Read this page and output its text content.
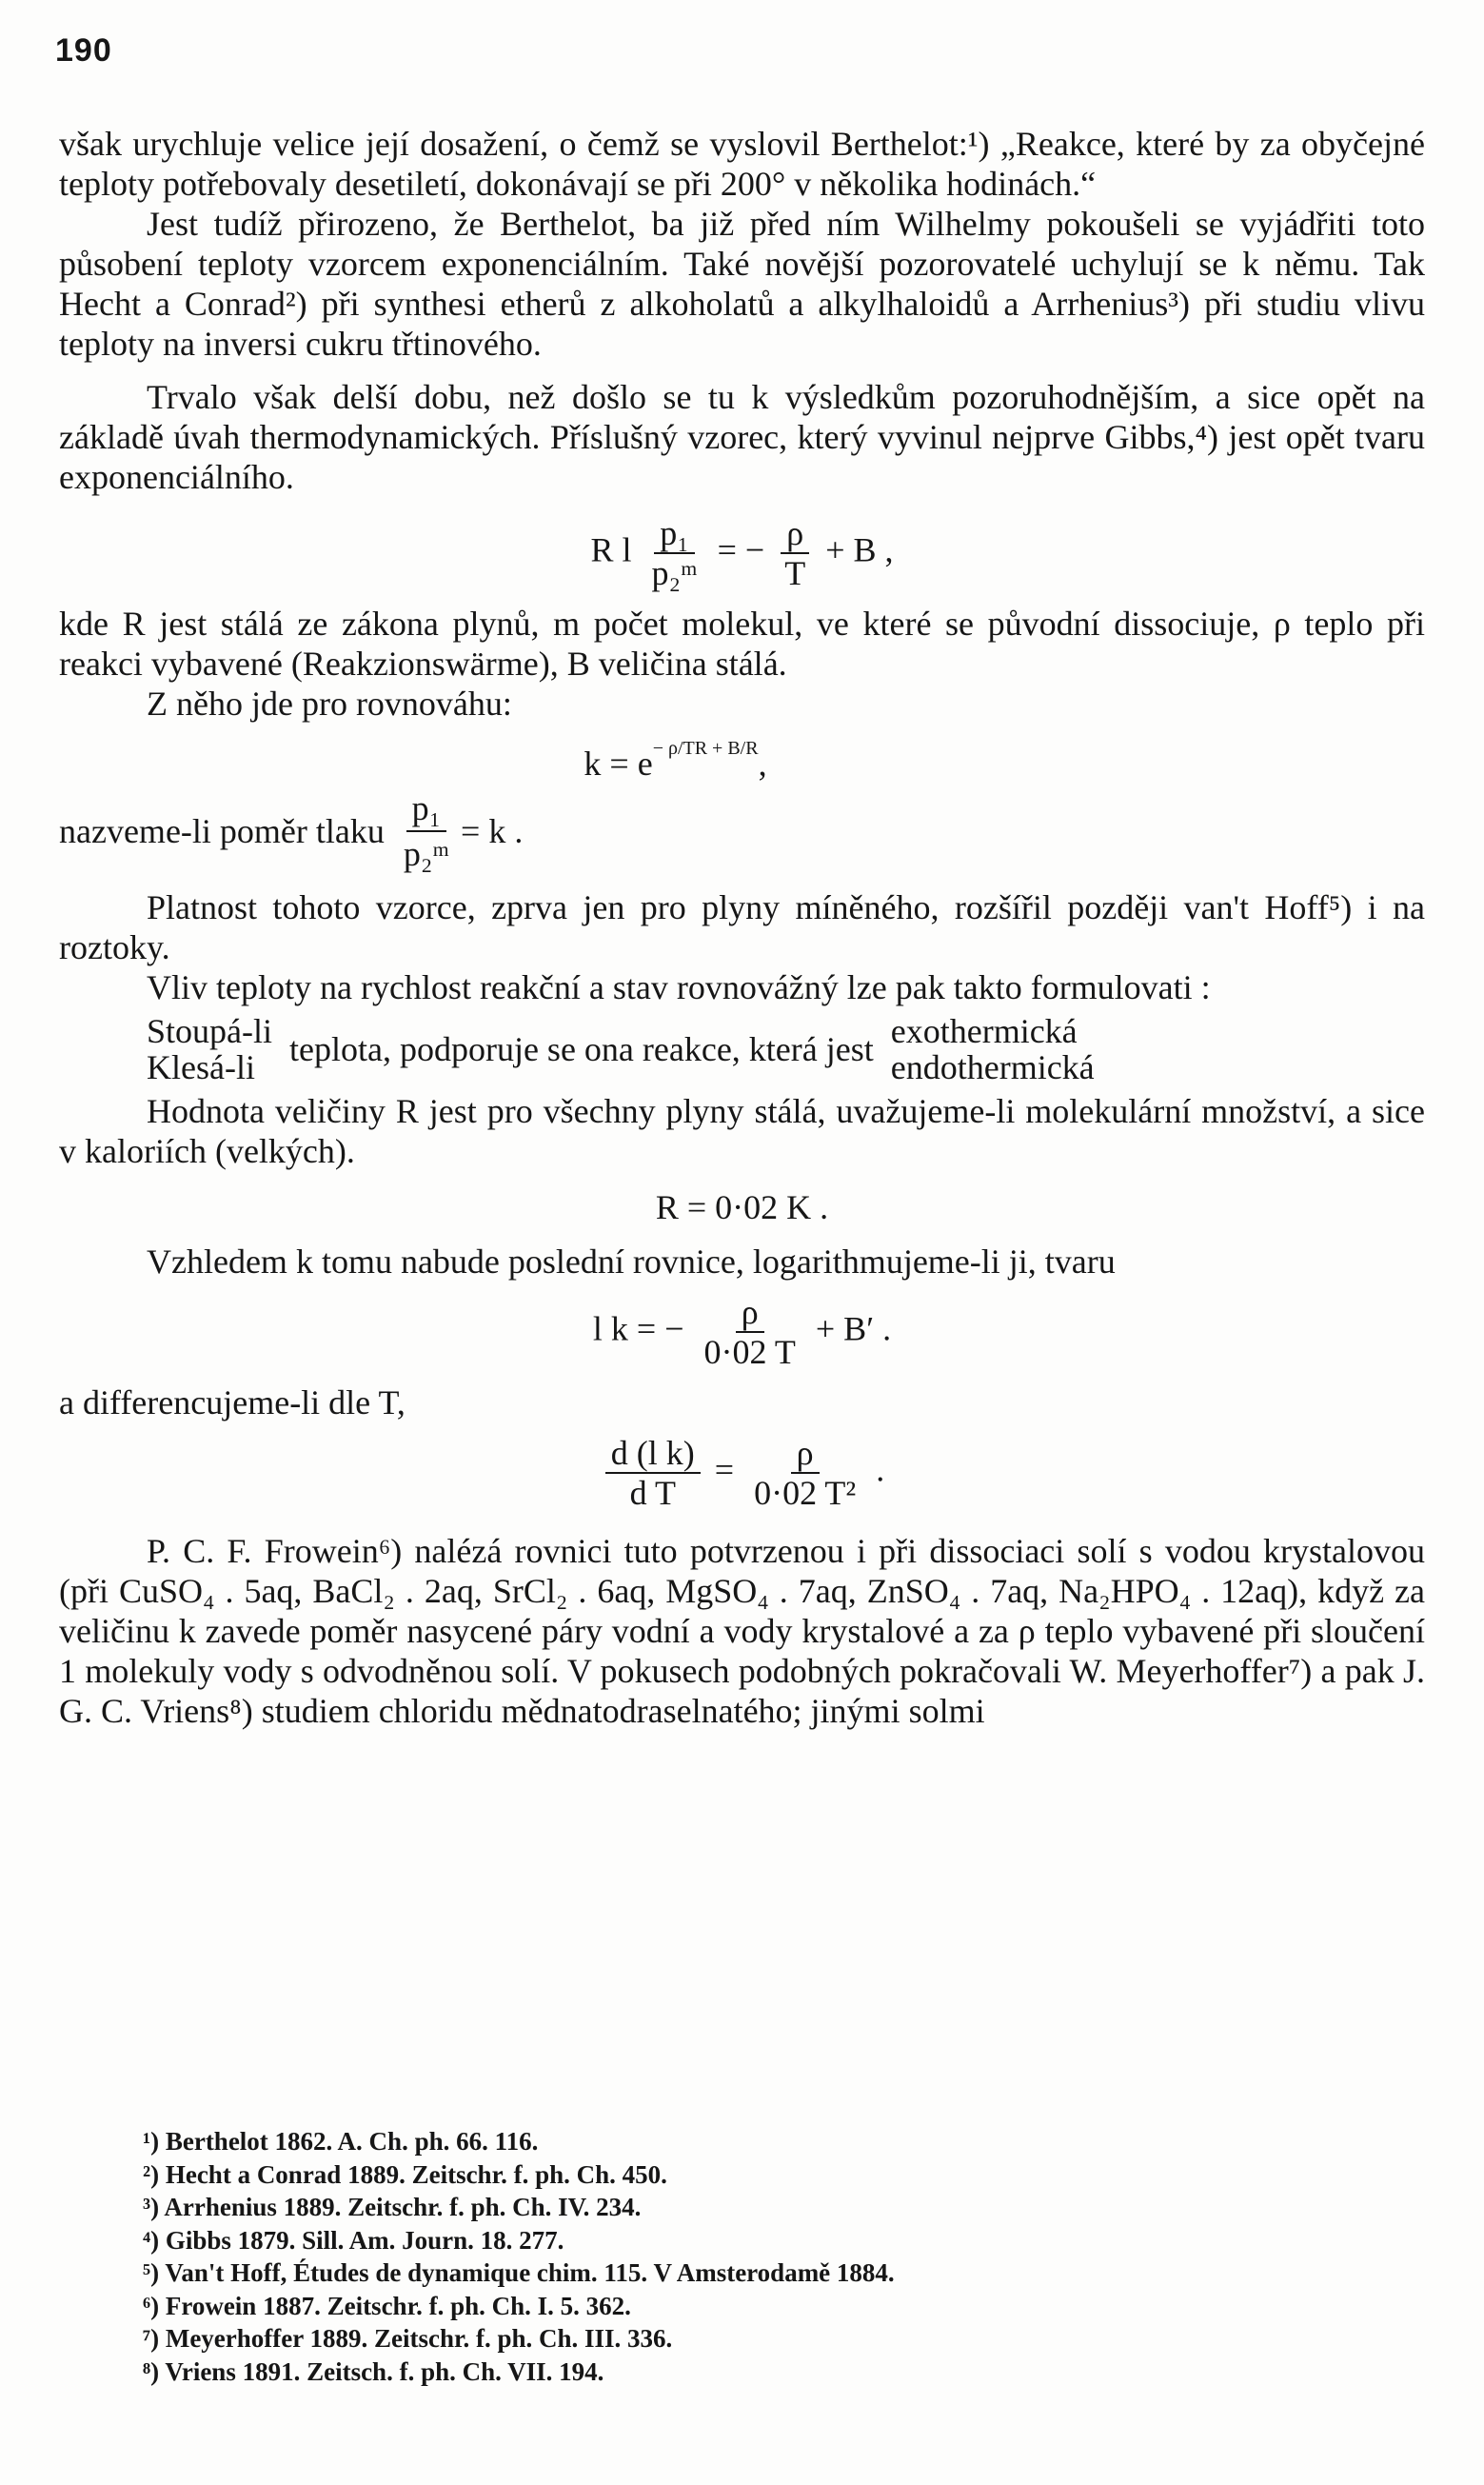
190

však urychluje velice její dosažení, o čemž se vyslovil Berthelot:¹) „Reakce, které by za obyčejné teploty potřebovaly desetiletí, dokonávají se při 200° v několika hodinách.“

Jest tudíž přirozeno, že Berthelot, ba již před ním Wilhelmy pokoušeli se vyjádřiti toto působení teploty vzorcem exponenciálním. Také novější pozorovatelé uchylují se k němu. Tak Hecht a Conrad²) při synthesi etherů z alkoholatů a alkylhaloidů a Arrhenius³) při studiu vlivu teploty na inversi cukru třtinového.

Trvalo však delší dobu, než došlo se tu k výsledkům pozoruhodnějším, a sice opět na základě úvah thermodynamických. Příslušný vzorec, který vyvinul nejprve Gibbs,⁴) jest opět tvaru exponenciálního.

R l $\frac{\text{p₁}}{\text{p₂ᵐ}}$ = − $\frac{\rho}{T} + B$ ,

kde R jest stálá ze zákona plynů, m počet molekul, ve které se původní dissociuje, ρ teplo při reakci vybavené (Reakzionswärme), B veličina stálá.

Z něho jde pro rovnováhu:

$k = e^{- \rho/TR + B/R}$,

nazveme-li poměr tlaku $\frac{\text{p₁}}{\text{p₂ᵐ}} = k$ .

Platnost tohoto vzorce, zprva jen pro plyny míněného, rozšířil později van't Hoff⁵) i na roztoky.

Vliv teploty na rychlost reakční a stav rovnovážný lze pak takto formulovati :

Stoupá-li
Klesá-li	teplota, podporuje se ona reakce, která jest exothermická
endothermická

Hodnota veličiny R jest pro všechny plyny stálá, uvažujeme-li molekulární množství, a sice v kaloriích (velkých).

R = 0·02 K .

Vzhledem k tomu nabude poslední rovnice, logarithmujeme-li ji, tvaru

l k = − $\frac{\rho}{0\cdot 02 T} + B'$ .

a differencujeme-li dle T,

$\frac{\text{d (l k)}}{\text{d T}} = \frac{\rho}{\text{0·02 T²}}$ .

P. C. F. Frowein⁶) nalézá rovnici tuto potvrzenou i při dissociaci solí s vodou krystalovou (při CuSO₄ . 5aq, BaCl₂ . 2aq, SrCl₂ . 6aq, MgSO₄ . 7aq, ZnSO₄ . 7aq, Na₂HPO₄ . 12aq), když za veličinu k zavede poměr nasycené páry vodní a vody krystalové a za ρ teplo vybavené při sloučení 1 molekuly vody s odvodněnou solí. V pokusech podobných pokračovali W. Meyerhoffer⁷) a pak J. G. C. Vriens⁸) studiem chloridu mědnatodraselnatého; jinými solmi

¹) Berthelot 1862. A. Ch. ph. 66. 116.
²) Hecht a Conrad 1889. Zeitschr. f. ph. Ch. 450.
³) Arrhenius 1889. Zeitschr. f. ph. Ch. IV. 234.
⁴) Gibbs 1879. Sill. Am. Journ. 18. 277.
⁵) Van't Hoff, Études de dynamique chim. 115. V Amsterodamě 1884.
⁶) Frowein 1887. Zeitschr. f. ph. Ch. I. 5. 362.
⁷) Meyerhoffer 1889. Zeitschr. f. ph. Ch. III. 336.
⁸) Vriens 1891. Zeitsch. f. ph. Ch. VII. 194.
